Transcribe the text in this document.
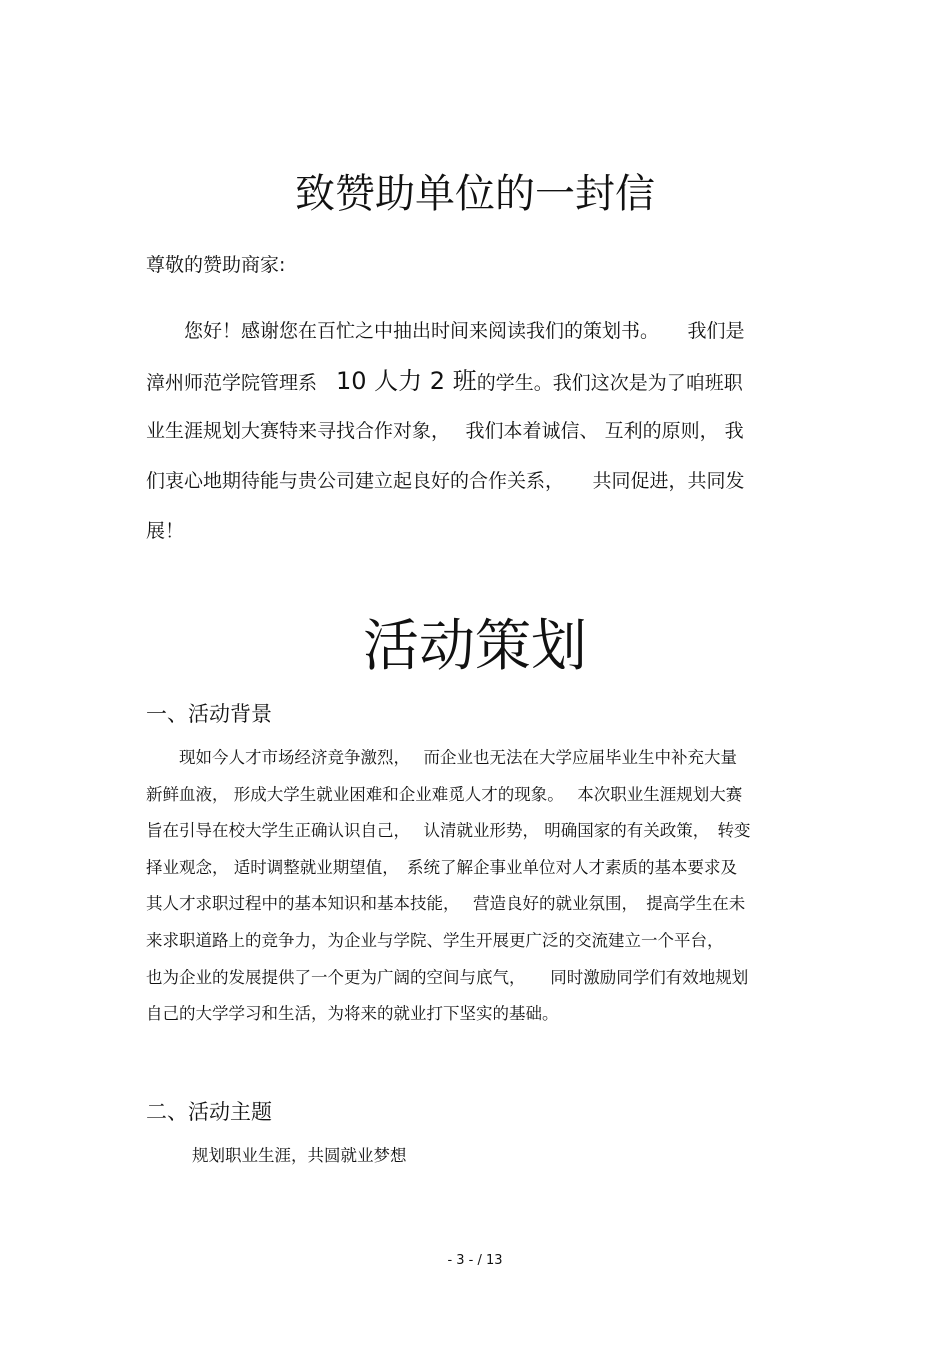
致赞助单位的一封信
尊敬的赞助商家:
　　您好！感谢您在百忙之中抽出时间来阅读我们的策划书。　　我们是
漳州师范学院管理系　10 人力 2 班的学生。我们这次是为了咱班职
业生涯规划大赛特来寻找合作对象，　 我们本着诚信、 互利的原则， 我
们衷心地期待能与贵公司建立起良好的合作关系，　　共同促进，共同发
展！
活动策划
一、活动背景
　　现如今人才市场经济竞争激烈，　 而企业也无法在大学应届毕业生中补充大量
新鲜血液， 形成大学生就业困难和企业难觅人才的现象。　 本次职业生涯规划大赛
旨在引导在校大学生正确认识自己，　 认清就业形势， 明确国家的有关政策，　转变
择业观念， 适时调整就业期望值，　系统了解企事业单位对人才素质的基本要求及
其人才求职过程中的基本知识和基本技能，　 营造良好的就业氛围，　提高学生在未
来求职道路上的竞争力，为企业与学院、学生开展更广泛的交流建立一个平台，
也为企业的发展提供了一个更为广阔的空间与底气，　　同时激励同学们有效地规划
自己的大学学习和生活，为将来的就业打下坚实的基础。
二、活动主题
规划职业生涯，共圆就业梦想
- 3 - / 13
